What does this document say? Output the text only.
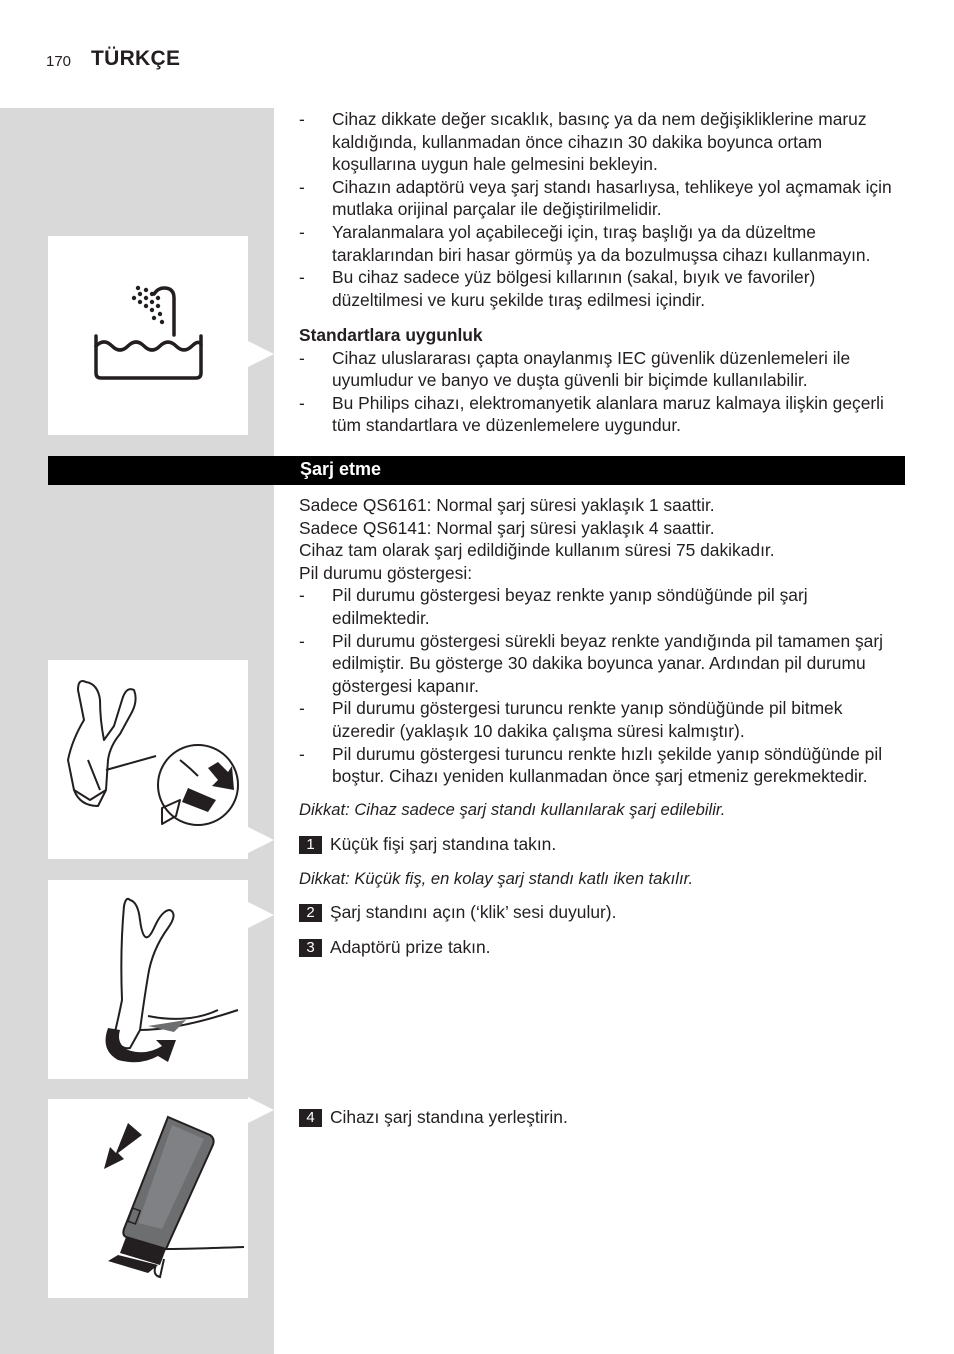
170 TÜRKÇE
- Cihaz dikkate değer sıcaklık, basınç ya da nem değişikliklerine maruz kaldığında, kullanmadan önce cihazın 30 dakika boyunca ortam koşullarına uygun hale gelmesini bekleyin.
- Cihazın adaptörü veya şarj standı hasarlıysa, tehlikeye yol açmamak için mutlaka orijinal parçalar ile değiştirilmelidir.
- Yaralanmalara yol açabileceği için, tıraş başlığı ya da düzeltme taraklarından biri hasar görmüş ya da bozulmuşsa cihazı kullanmayın.
- Bu cihaz sadece yüz bölgesi kıllarının (sakal, bıyık ve favoriler) düzeltilmesi ve kuru şekilde tıraş edilmesi içindir.
Standartlara uygunluk
- Cihaz uluslararası çapta onaylanmış IEC güvenlik düzenlemeleri ile uyumludur ve banyo ve duşta güvenli bir biçimde kullanılabilir.
- Bu Philips cihazı, elektromanyetik alanlara maruz kalmaya ilişkin geçerli tüm standartlara ve düzenlemelere uygundur.
Şarj etme
Sadece QS6161: Normal şarj süresi yaklaşık 1 saattir.
Sadece QS6141: Normal şarj süresi yaklaşık 4 saattir.
Cihaz tam olarak şarj edildiğinde kullanım süresi 75 dakikadır.
Pil durumu göstergesi:
- Pil durumu göstergesi beyaz renkte yanıp söndüğünde pil şarj edilmektedir.
- Pil durumu göstergesi sürekli beyaz renkte yandığında pil tamamen şarj edilmiştir. Bu gösterge 30 dakika boyunca yanar. Ardından pil durumu göstergesi kapanır.
- Pil durumu göstergesi turuncu renkte yanıp söndüğünde pil bitmek üzeredir (yaklaşık 10 dakika çalışma süresi kalmıştır).
- Pil durumu göstergesi turuncu renkte hızlı şekilde yanıp söndüğünde pil boştur. Cihazı yeniden kullanmadan önce şarj etmeniz gerekmektedir.
Dikkat: Cihaz sadece şarj standı kullanılarak şarj edilebilir.
1 Küçük fişi şarj standına takın.
Dikkat: Küçük fiş, en kolay şarj standı katlı iken takılır.
2 Şarj standını açın (‘klik’ sesi duyulur).
3 Adaptörü prize takın.
4 Cihazı şarj standına yerleştirin.
